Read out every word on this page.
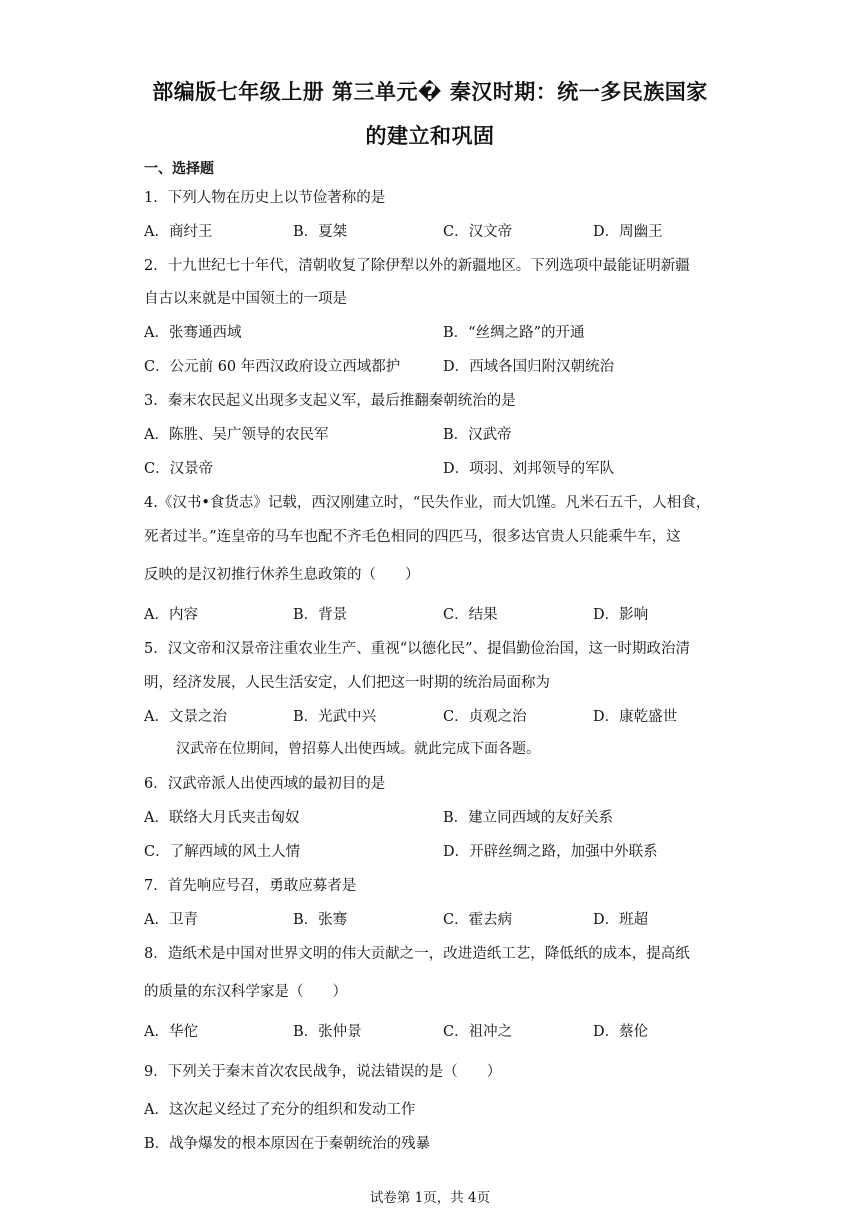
部编版七年级上册 第三单元� 秦汉时期：统一多民族国家
的建立和巩固
一、选择题
1．下列人物在历史上以节俭著称的是
A．商纣王	B．夏桀	C．汉文帝	D．周幽王
2．十九世纪七十年代，清朝收复了除伊犁以外的新疆地区。下列选项中最能证明新疆
自古以来就是中国领土的一项是
A．张骞通西域	B．“丝绸之路”的开通
C．公元前 60 年西汉政府设立西域都护	D．西域各国归附汉朝统治
3．秦末农民起义出现多支起义军，最后推翻秦朝统治的是
A．陈胜、吴广领导的农民军	B．汉武帝
C．汉景帝	D．项羽、刘邦领导的军队
4.《汉书•食货志》记载，西汉刚建立时，“民失作业，而大饥馑。凡米石五千，人相食，
死者过半。”连皇帝的马车也配不齐毛色相同的四匹马，很多达官贵人只能乘牛车，这
反映的是汉初推行休养生息政策的（　　）
A．内容	B．背景	C．结果	D．影响
5．汉文帝和汉景帝注重农业生产、重视“以德化民”、提倡勤俭治国，这一时期政治清
明，经济发展，人民生活安定，人们把这一时期的统治局面称为
A．文景之治	B．光武中兴	C．贞观之治	D．康乾盛世
汉武帝在位期间，曾招募人出使西域。就此完成下面各题。
6．汉武帝派人出使西域的最初目的是
A．联络大月氏夹击匈奴	B．建立同西域的友好关系
C．了解西域的风土人情	D．开辟丝绸之路，加强中外联系
7．首先响应号召，勇敢应募者是
A．卫青	B．张骞	C．霍去病	D．班超
8．造纸术是中国对世界文明的伟大贡献之一，改进造纸工艺，降低纸的成本，提高纸
的质量的东汉科学家是（　　）
A．华佗	B．张仲景	C．祖冲之	D．蔡伦
9．下列关于秦末首次农民战争，说法错误的是（　　）
A．这次起义经过了充分的组织和发动工作
B．战争爆发的根本原因在于秦朝统治的残暴
试卷第 1页，共 4页
